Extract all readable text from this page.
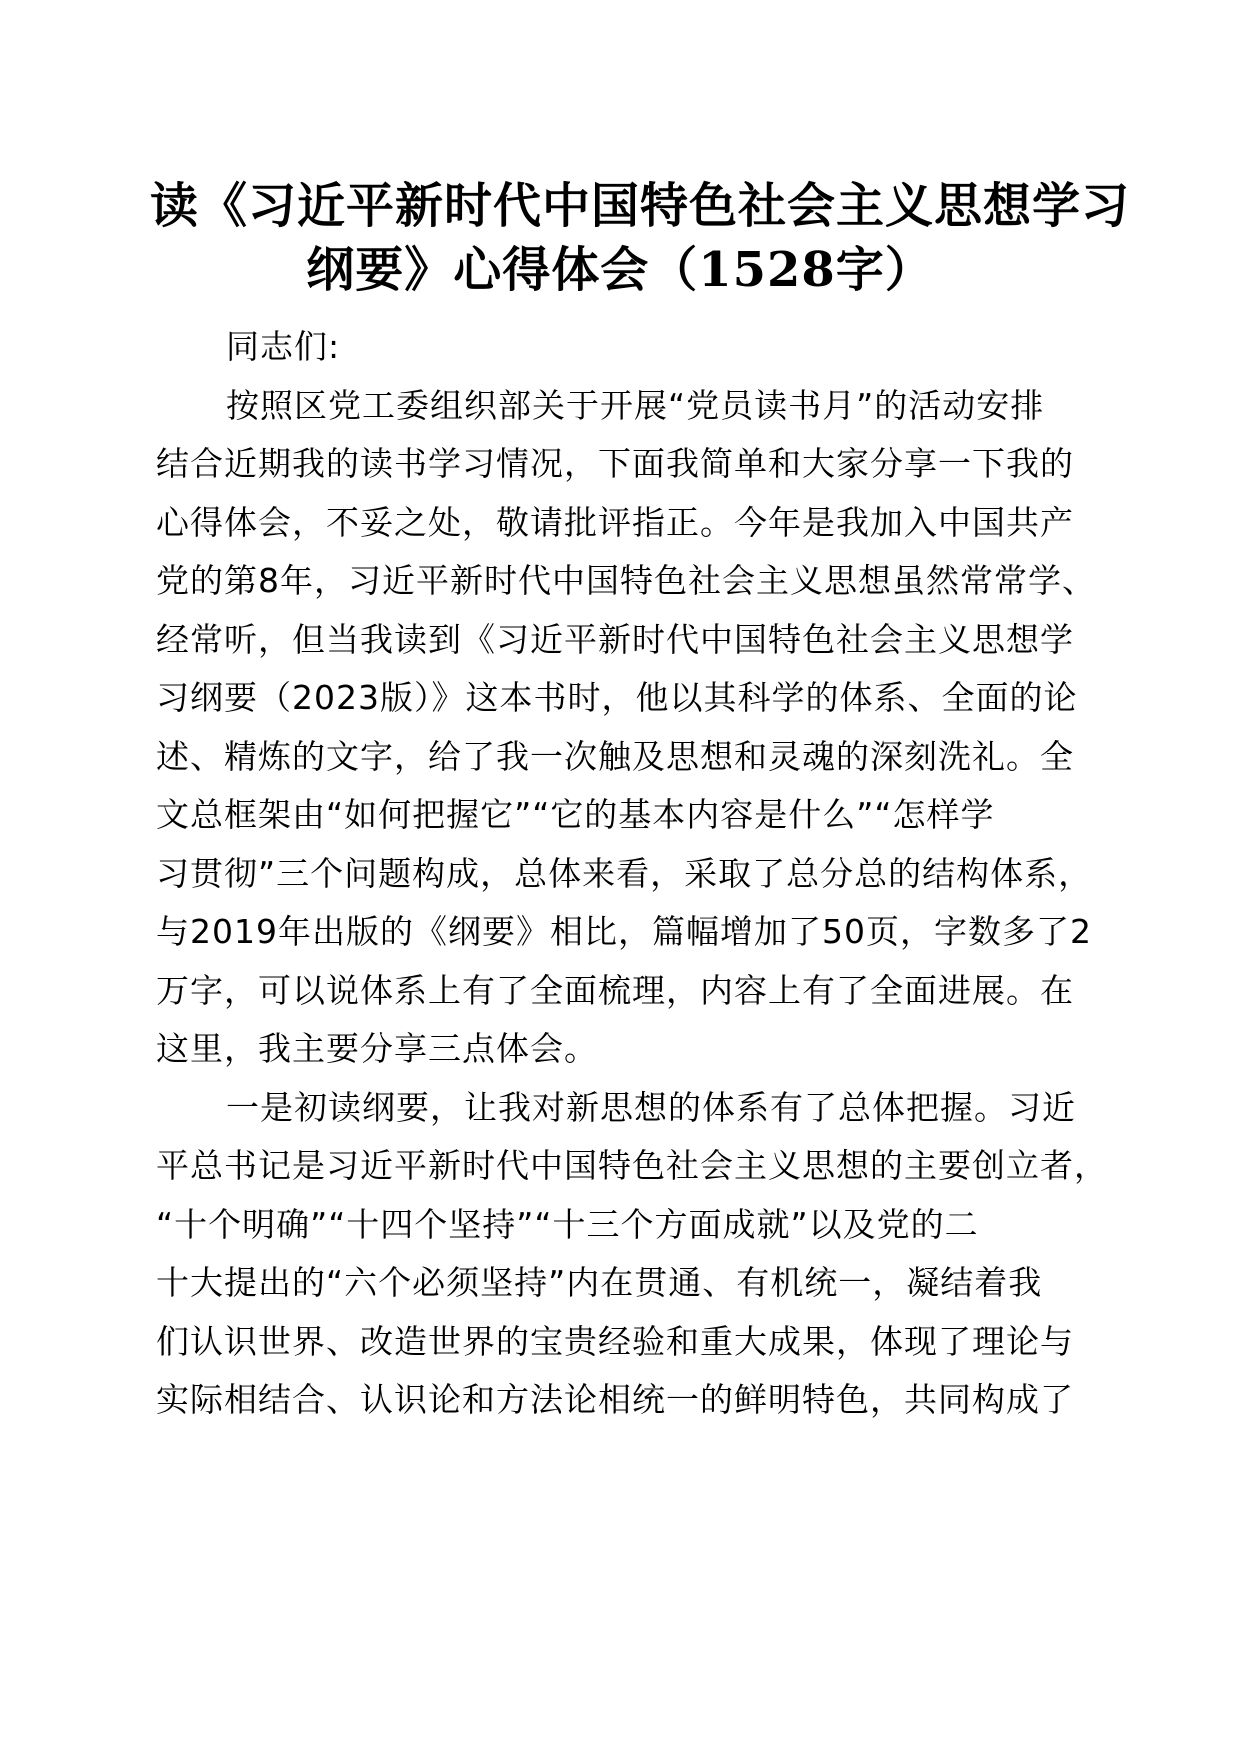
读《习近平新时代中国特色社会主义思想学习
纲要》心得体会（1528字）
同志们:
按照区党工委组织部关于开展“党员读书月”的活动安排
结合近期我的读书学习情况，下面我简单和大家分享一下我的
心得体会，不妥之处，敬请批评指正。今年是我加入中国共产
党的第8年，习近平新时代中国特色社会主义思想虽然常常学、
经常听，但当我读到《习近平新时代中国特色社会主义思想学
习纲要（2023版）》这本书时，他以其科学的体系、全面的论
述、精炼的文字，给了我一次触及思想和灵魂的深刻洗礼。全
文总框架由“如何把握它”“它的基本内容是什么”“怎样学
习贯彻”三个问题构成，总体来看，采取了总分总的结构体系，
与2019年出版的《纲要》相比，篇幅增加了50页，字数多了2
万字，可以说体系上有了全面梳理，内容上有了全面进展。在
这里，我主要分享三点体会。
一是初读纲要，让我对新思想的体系有了总体把握。习近
平总书记是习近平新时代中国特色社会主义思想的主要创立者，
“十个明确”“十四个坚持”“十三个方面成就”以及党的二
十大提出的“六个必须坚持”内在贯通、有机统一，凝结着我
们认识世界、改造世界的宝贵经验和重大成果，体现了理论与
实际相结合、认识论和方法论相统一的鲜明特色，共同构成了
